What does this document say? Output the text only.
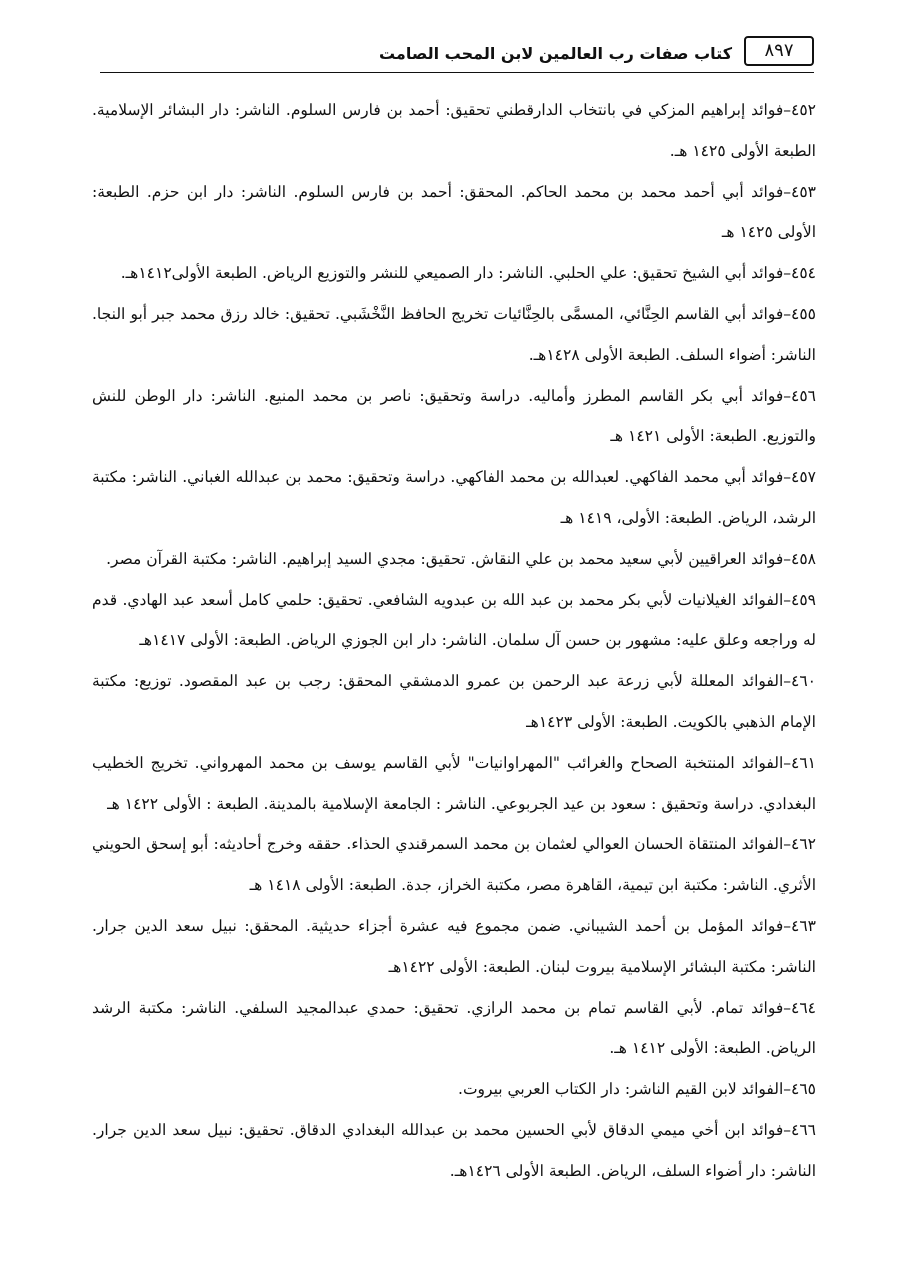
٨٩٧
كتاب صفات رب العالمين لابن المحب الصامت

٤٥٢–فوائد إبراهيم المزكي في بانتخاب الدارقطني تحقيق: أحمد بن فارس السلوم. الناشر: دار البشائر الإسلامية. الطبعة الأولى ١٤٢٥ هـ.

٤٥٣–فوائد أبي أحمد محمد بن محمد الحاكم. المحقق: أحمد بن فارس السلوم. الناشر: دار ابن حزم. الطبعة: الأولى ١٤٢٥ هـ

٤٥٤–فوائد أبي الشيخ تحقيق: علي الحلبي. الناشر: دار الصميعي للنشر والتوزيع الرياض. الطبعة الأولى١٤١٢هـ.

٤٥٥–فوائد أبي القاسم الحِنَّائي، المسمَّى بالحِنَّائيات تخريج الحافظ النَّخْشَبي. تحقيق: خالد رزق محمد جبر أبو النجا. الناشر: أضواء السلف. الطبعة الأولى ١٤٢٨هـ.

٤٥٦–فوائد أبي بكر القاسم المطرز وأماليه. دراسة وتحقيق: ناصر بن محمد المنيع. الناشر: دار الوطن للنش والتوزيع. الطبعة: الأولى ١٤٢١ هـ

٤٥٧–فوائد أبي محمد الفاكهي. لعبدالله بن محمد الفاكهي. دراسة وتحقيق: محمد بن عبدالله الغباني. الناشر: مكتبة الرشد، الرياض. الطبعة: الأولى، ١٤١٩ هـ

٤٥٨–فوائد العراقيين لأبي سعيد محمد بن علي النقاش. تحقيق: مجدي السيد إبراهيم. الناشر: مكتبة القرآن مصر.

٤٥٩–الفوائد الغيلانيات لأبي بكر محمد بن عبد الله بن عبدويه الشافعي. تحقيق: حلمي كامل أسعد عبد الهادي. قدم له وراجعه وعلق عليه: مشهور بن حسن آل سلمان. الناشر: دار ابن الجوزي الرياض. الطبعة: الأولى ١٤١٧هـ

٤٦٠–الفوائد المعللة لأبي زرعة عبد الرحمن بن عمرو الدمشقي المحقق: رجب بن عبد المقصود. توزيع: مكتبة الإمام الذهبي بالكويت. الطبعة: الأولى ١٤٢٣هـ

٤٦١–الفوائد المنتخبة الصحاح والغرائب "المهراوانيات" لأبي القاسم يوسف بن محمد المهرواني. تخريج الخطيب البغدادي. دراسة وتحقيق : سعود بن عيد الجربوعي. الناشر : الجامعة الإسلامية بالمدينة. الطبعة : الأولى ١٤٢٢ هـ

٤٦٢–الفوائد المنتقاة الحسان العوالي لعثمان بن محمد السمرقندي الحذاء. حققه وخرج أحاديثه: أبو إسحق الحويني الأثري. الناشر: مكتبة ابن تيمية، القاهرة مصر، مكتبة الخراز، جدة. الطبعة: الأولى ١٤١٨ هـ

٤٦٣–فوائد المؤمل بن أحمد الشيباني. ضمن مجموع فيه عشرة أجزاء حديثية. المحقق: نبيل سعد الدين جرار. الناشر: مكتبة البشائر الإسلامية بيروت لبنان. الطبعة: الأولى ١٤٢٢هـ

٤٦٤–فوائد تمام. لأبي القاسم تمام بن محمد الرازي. تحقيق: حمدي عبدالمجيد السلفي. الناشر: مكتبة الرشد الرياض. الطبعة: الأولى ١٤١٢ هـ.

٤٦٥–الفوائد لابن القيم الناشر: دار الكتاب العربي بيروت.

٤٦٦–فوائد ابن أخي ميمي الدقاق لأبي الحسين محمد بن عبدالله البغدادي الدقاق. تحقيق: نبيل سعد الدين جرار. الناشر: دار أضواء السلف، الرياض. الطبعة الأولى ١٤٢٦هـ.
